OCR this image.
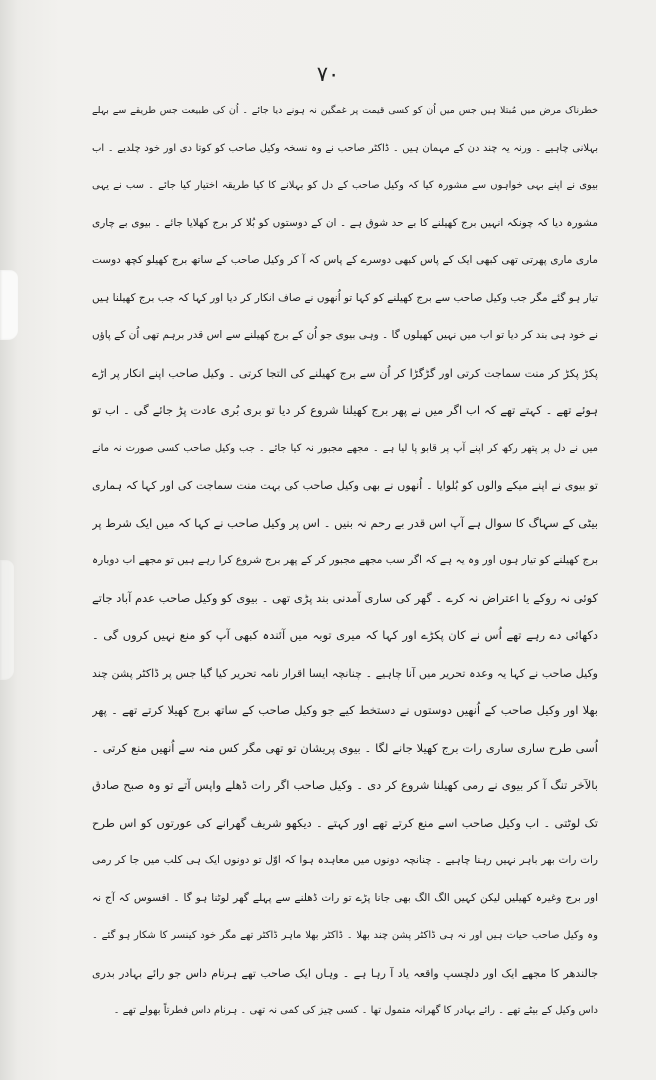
۷۰
خطرناک مرض میں مُبتلا ہیں جس میں اُن کو کسی قیمت پر غمگین نہ ہونے دیا جائے ۔ اُن کی طبیعت جس طریقے سے بہلے
بہلانی چاہیے ۔ ورنہ یہ چند دن کے مہمان ہیں ۔ ڈاکٹر صاحب نے وہ نسخہ وکیل صاحب کو کوتا دی اور خود چلدیے ۔ اب
بیوی نے اپنے بہی خواہوں سے مشورہ کیا کہ وکیل صاحب کے دل کو بہلانے کا کیا طریقہ اختیار کیا جائے ۔ سب نے یہی
مشورہ دیا کہ چونکہ انہیں برج کھیلنے کا بے حد شوق ہے ۔ ان کے دوستوں کو بُلا کر برج کھلایا جائے ۔ بیوی بے چاری
ماری ماری پھرتی تھی کبھی ایک کے پاس کبھی دوسرے کے پاس کہ آ کر وکیل صاحب کے ساتھ برج کھیلو کچھ دوست
تیار ہو گئے مگر جب وکیل صاحب سے برج کھیلنے کو کہا تو اُنھوں نے صاف انکار کر دیا اور کہا کہ جب برج کھیلنا ہیں
نے خود ہی بند کر دیا تو اب میں نہیں کھیلوں گا ۔ وہی بیوی جو اُن کے برج کھیلنے سے اس قدر برہم تھی اُن کے پاؤں
پکڑ پکڑ کر منت سماجت کرتی اور گڑگڑا کر اُن سے برج کھیلنے کی التجا کرتی ۔ وکیل صاحب اپنے انکار پر اڑے
ہوئے تھے ۔ کہتے تھے کہ اب اگر میں نے پھر برج کھیلنا شروع کر دیا تو بری بُری عادت پڑ جائے گی ۔ اب تو
میں نے دل پر پتھر رکھ کر اپنے آپ پر قابو پا لیا ہے ۔ مجھے مجبور نہ کیا جائے ۔ جب وکیل صاحب کسی صورت نہ مانے
تو بیوی نے اپنے میکے والوں کو بُلوایا ۔ اُنھوں نے بھی وکیل صاحب کی بہت منت سماجت کی اور کہا کہ ہماری
بیٹی کے سہاگ کا سوال ہے آپ اس قدر بے رحم نہ بنیں ۔ اس پر وکیل صاحب نے کہا کہ میں ایک شرط پر
برج کھیلنے کو تیار ہوں اور وہ یہ ہے کہ اگر سب مجھے مجبور کر کے پھر برج شروع کرا رہے ہیں تو مجھے اب دوبارہ
کوئی نہ روکے یا اعتراض نہ کرے ۔ گھر کی ساری آمدنی بند پڑی تھی ۔ بیوی کو وکیل صاحب عدم آباد جاتے
دکھائی دے رہے تھے اُس نے کان پکڑے اور کہا کہ میری توبہ میں آئندہ کبھی آپ کو منع نہیں کروں گی ۔
وکیل صاحب نے کہا یہ وعدہ تحریر میں آنا چاہیے ۔ چنانچہ ایسا اقرار نامہ تحریر کیا گیا جس پر ڈاکٹر پشن چند
بھلا اور وکیل صاحب کے اُنھیں دوستوں نے دستخط کیے جو وکیل صاحب کے ساتھ برج کھیلا کرتے تھے ۔ پھر
اُسی طرح ساری ساری رات برج کھیلا جانے لگا ۔ بیوی پریشان تو تھی مگر کس منہ سے اُنھیں منع کرتی ۔
بالآخر تنگ آ کر بیوی نے رمی کھیلنا شروع کر دی ۔ وکیل صاحب اگر رات ڈھلے واپس آتے تو وہ صبح صادق
تک لوٹتی ۔ اب وکیل صاحب اسے منع کرتے تھے اور کہتے ۔ دیکھو شریف گھرانے کی عورتوں کو اس طرح
رات رات بھر باہر نہیں رہنا چاہیے ۔ چنانچہ دونوں میں معاہدہ ہوا کہ اوّل تو دونوں ایک ہی کلب میں جا کر رمی
اور برج وغیرہ کھیلیں لیکن کہیں الگ الگ بھی جانا پڑے تو رات ڈھلنے سے پہلے گھر لوٹنا ہو گا ۔ افسوس کہ آج نہ
وہ وکیل صاحب حیات ہیں اور نہ ہی ڈاکٹر پشن چند بھلا ۔ ڈاکٹر بھلا ماہر ڈاکٹر تھے مگر خود کینسر کا شکار ہو گئے ۔
جالندھر کا مجھے ایک اور دلچسپ واقعہ یاد آ رہا ہے ۔ وہاں ایک صاحب تھے ہرنام داس جو رائے بہادر بدری
داس وکیل کے بیٹے تھے ۔ رائے بہادر کا گھرانہ متمول تھا ۔ کسی چیز کی کمی نہ تھی ۔ ہرنام داس فطرتاً بھولے تھے ۔
